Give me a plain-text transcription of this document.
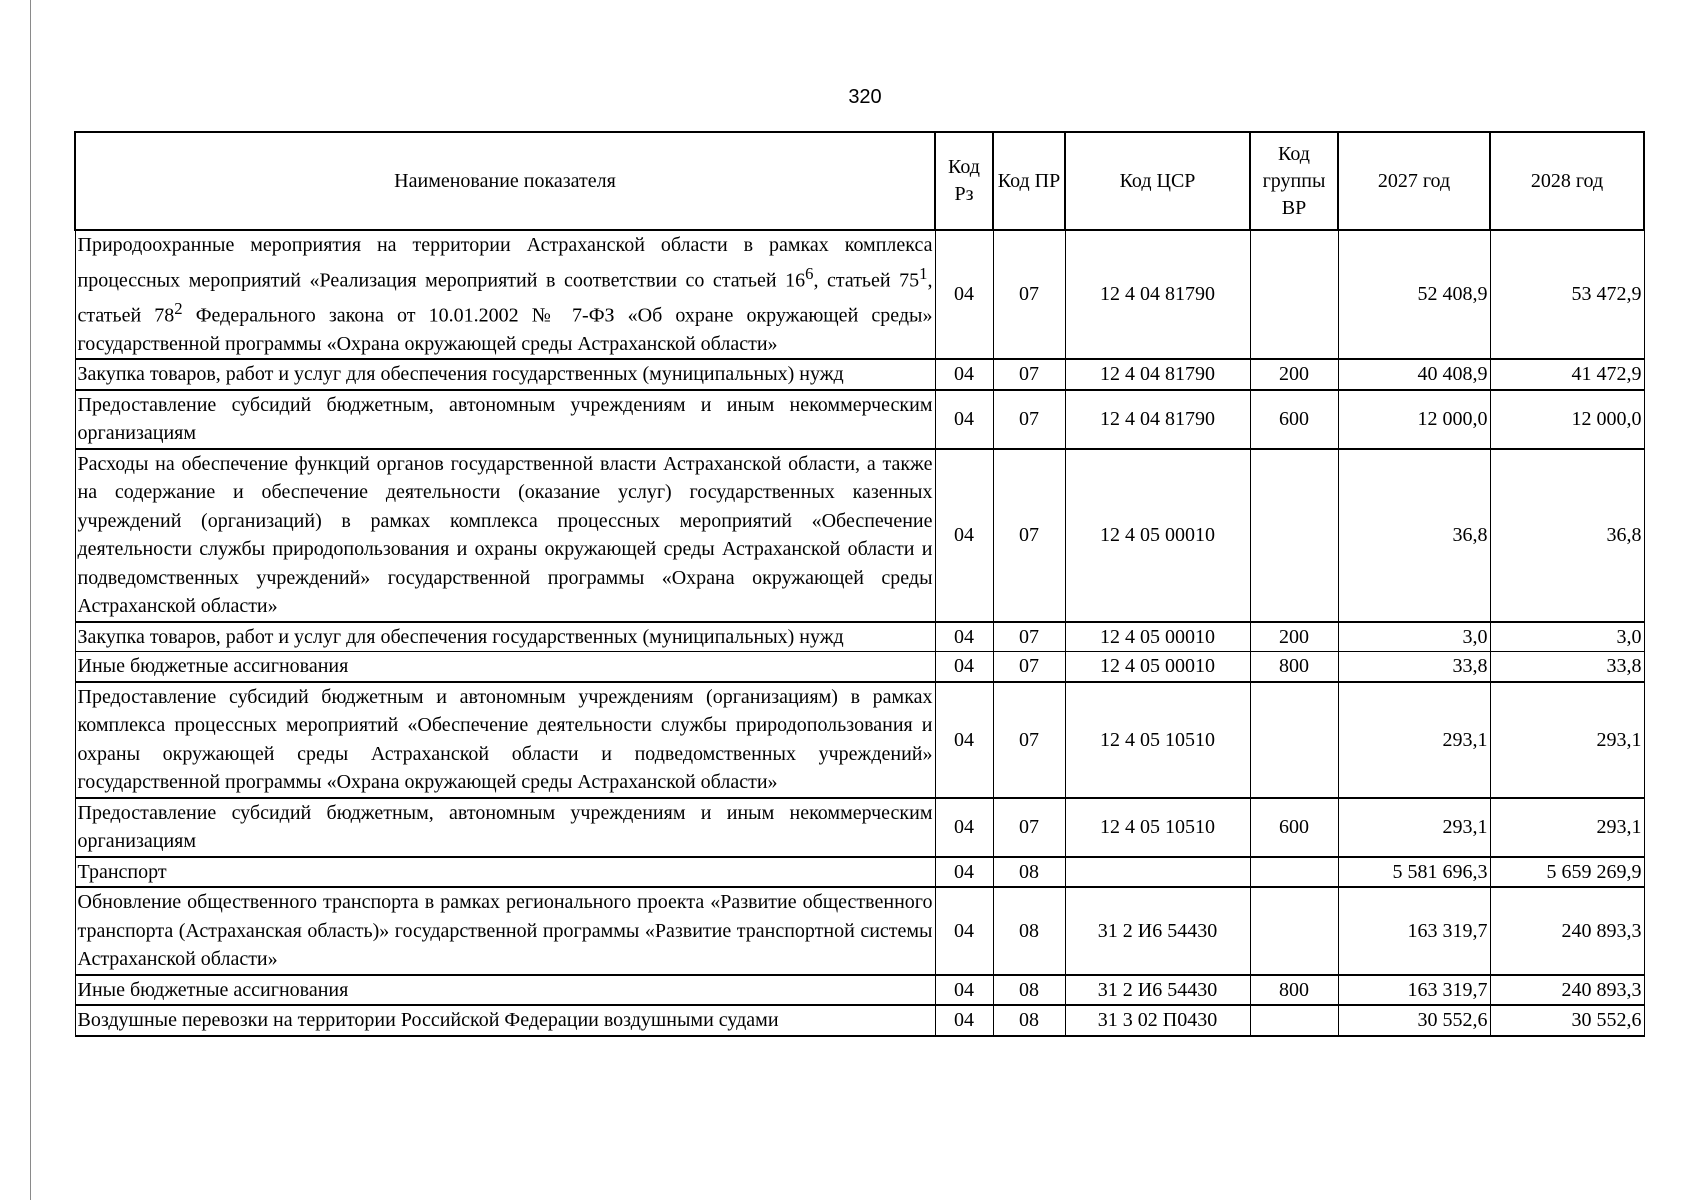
320
Наименование показателя	Код Рз	Код ПР	Код ЦСР	Код группы ВР	2027 год	2028 год
Природоохранные мероприятия на территории Астраханской области в рамках комплекса процессных мероприятий «Реализация мероприятий в соответствии со статьей $16^6$, статьей $75^1$, статьей $78^2$ Федерального закона от 10.01.2002 № 7-ФЗ «Об охране окружающей среды» государственной программы «Охрана окружающей среды Астраханской области»	04	07	12 4 04 81790		52 408,9	53 472,9
Закупка товаров, работ и услуг для обеспечения государственных (муниципальных) нужд	04	07	12 4 04 81790	200	40 408,9	41 472,9
Предоставление субсидий бюджетным, автономным учреждениям и иным некоммерческим организациям	04	07	12 4 04 81790	600	12 000,0	12 000,0
Расходы на обеспечение функций органов государственной власти Астраханской области, а также на содержание и обеспечение деятельности (оказание услуг) государственных казенных учреждений (организаций) в рамках комплекса процессных мероприятий «Обеспечение деятельности службы природопользования и охраны окружающей среды Астраханской области и подведомственных учреждений» государственной программы «Охрана окружающей среды Астраханской области»	04	07	12 4 05 00010		36,8	36,8
Закупка товаров, работ и услуг для обеспечения государственных (муниципальных) нужд	04	07	12 4 05 00010	200	3,0	3,0
Иные бюджетные ассигнования	04	07	12 4 05 00010	800	33,8	33,8
Предоставление субсидий бюджетным и автономным учреждениям (организациям) в рамках комплекса процессных мероприятий «Обеспечение деятельности службы природопользования и охраны окружающей среды Астраханской области и подведомственных учреждений» государственной программы «Охрана окружающей среды Астраханской области»	04	07	12 4 05 10510		293,1	293,1
Предоставление субсидий бюджетным, автономным учреждениям и иным некоммерческим организациям	04	07	12 4 05 10510	600	293,1	293,1
Транспорт	04	08			5 581 696,3	5 659 269,9
Обновление общественного транспорта в рамках регионального проекта «Развитие общественного транспорта (Астраханская область)» государственной программы «Развитие транспортной системы Астраханской области»	04	08	31 2 И6 54430		163 319,7	240 893,3
Иные бюджетные ассигнования	04	08	31 2 И6 54430	800	163 319,7	240 893,3
Воздушные перевозки на территории Российской Федерации воздушными судами	04	08	31 3 02 П0430		30 552,6	30 552,6
